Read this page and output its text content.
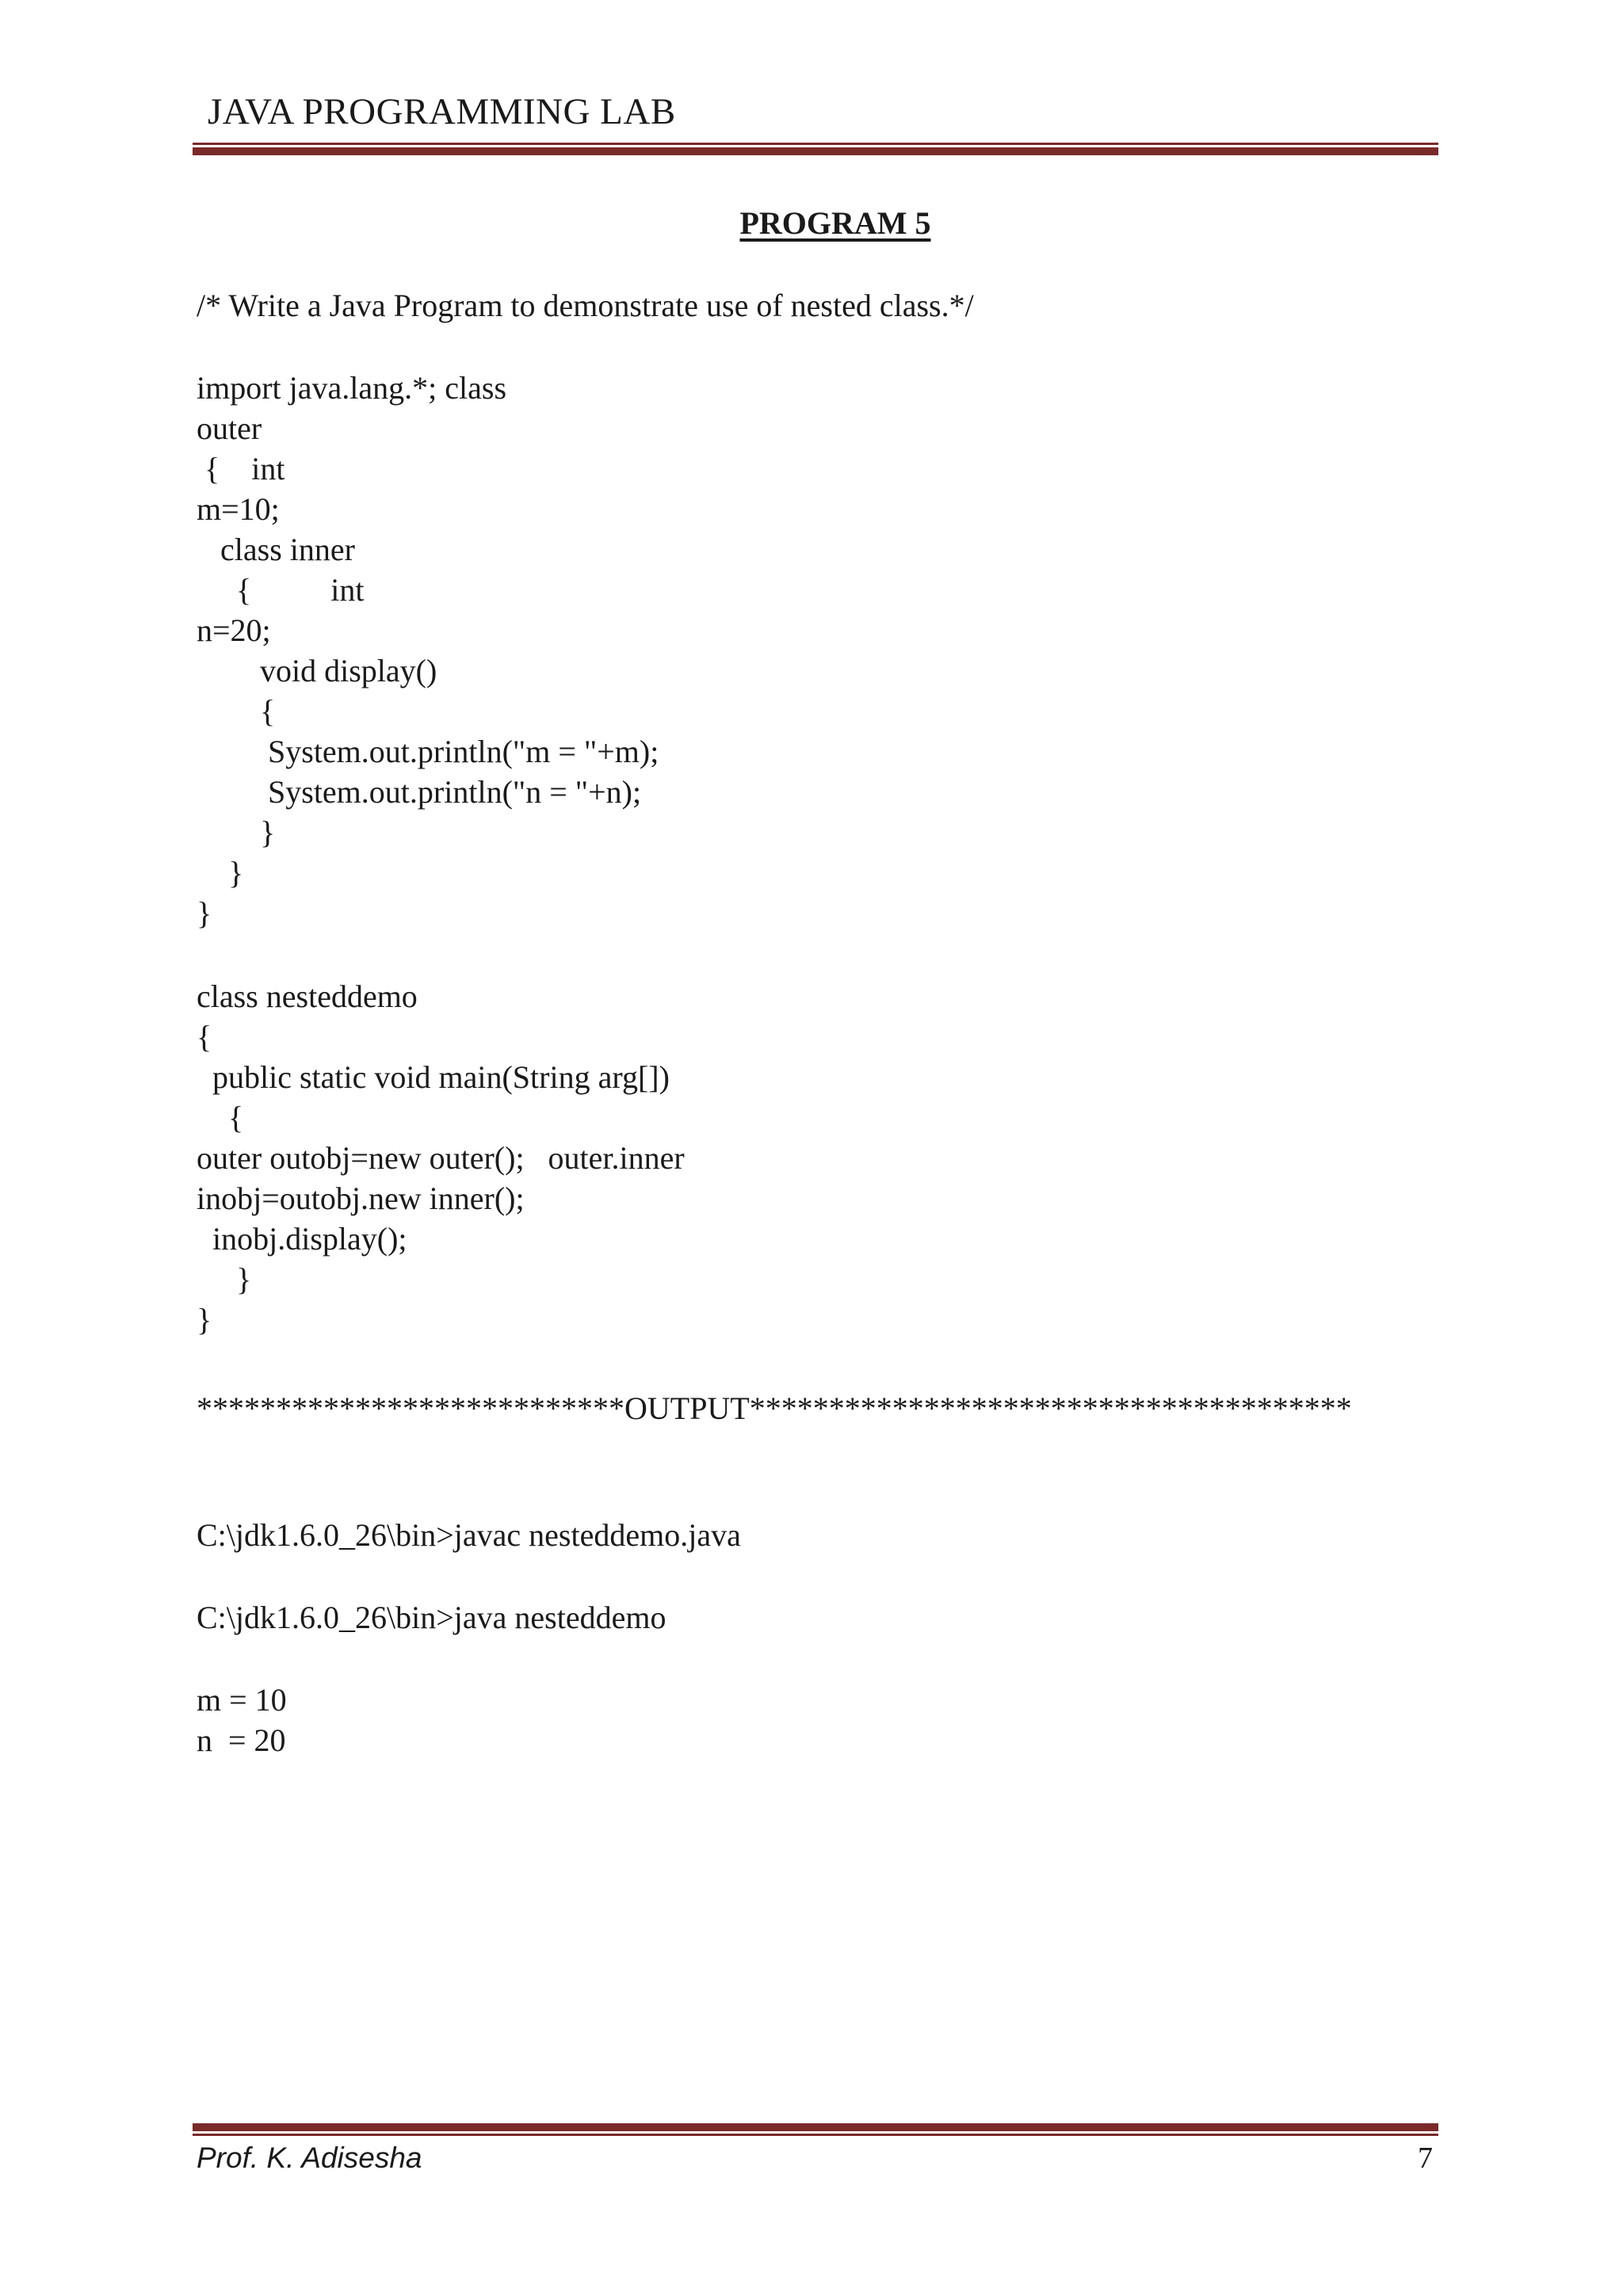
JAVA PROGRAMMING LAB
PROGRAM 5
/* Write a Java Program to demonstrate use of nested class.*/
import java.lang.*; class
outer
{    int
m=10;
class inner
{          int
n=20;
void display()
{
System.out.println("m = "+m);
System.out.println("n = "+n);
}
}
}
class nesteddemo
{
public static void main(String arg[])
{
outer outobj=new outer();   outer.inner
inobj=outobj.new inner();
inobj.display();
}
}
***************************OUTPUT**************************************
C:\jdk1.6.0_26\bin>javac nesteddemo.java
C:\jdk1.6.0_26\bin>java nesteddemo
m = 10
n  = 20
Prof. K. Adisesha	7
